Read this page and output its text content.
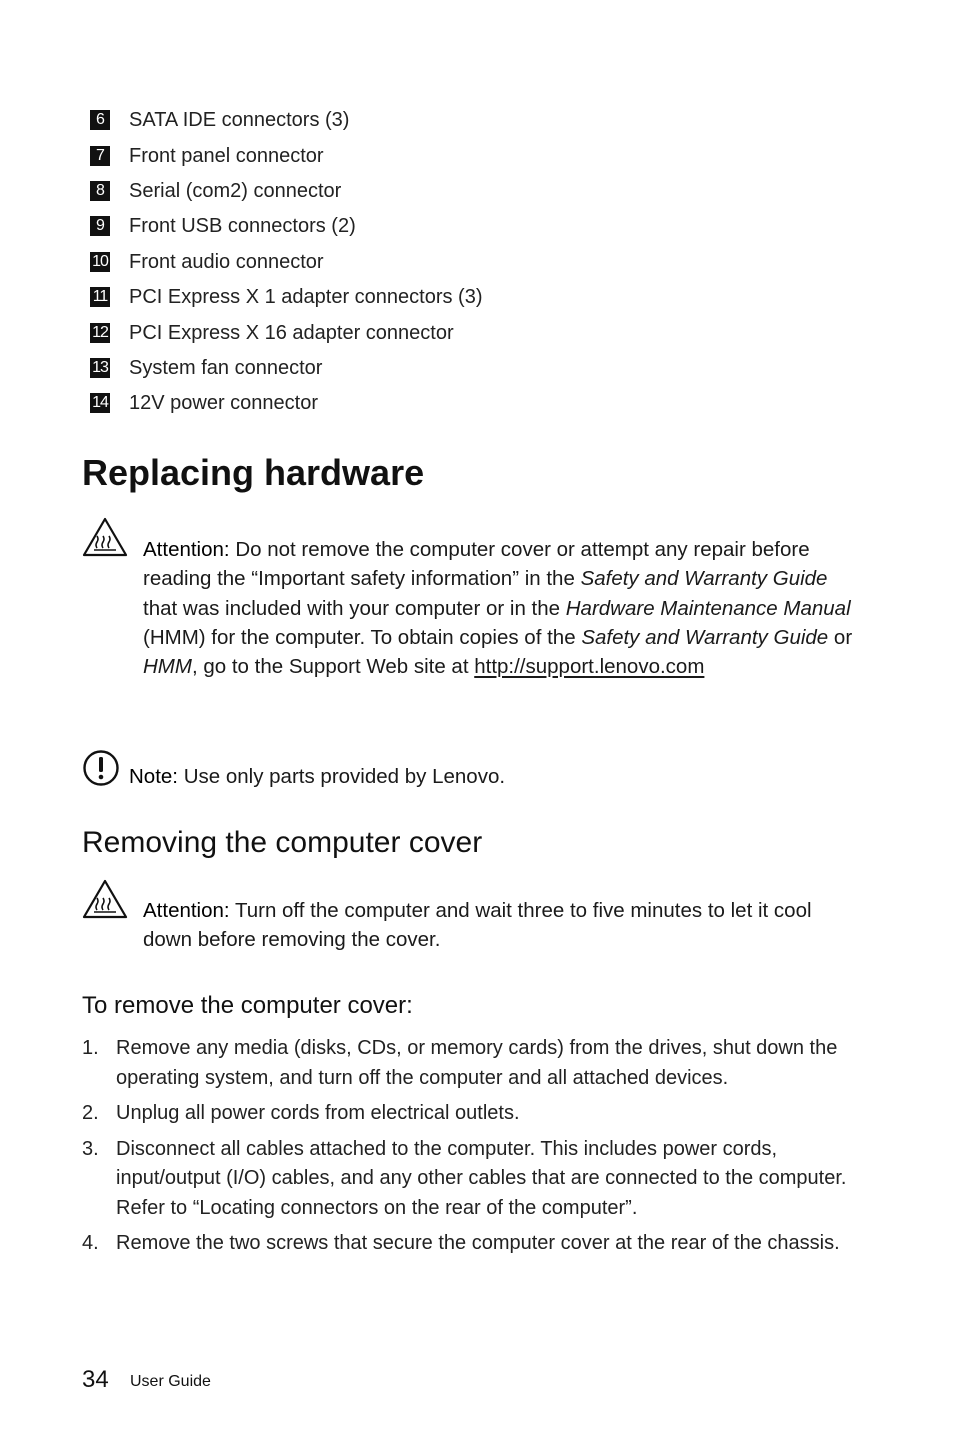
6	SATA IDE connectors (3)
7	Front panel connector
8	Serial (com2) connector
9	Front USB connectors (2)
10 Front audio connector
11 PCI Express X 1 adapter connectors (3)
12 PCI Express X 16 adapter connector
13 System fan connector
14 12V power connector
Replacing hardware
Attention: Do not remove the computer cover or attempt any repair before reading the “Important safety information” in the Safety and Warranty Guide that was included with your computer or in the Hardware Maintenance Manual (HMM) for the computer. To obtain copies of the Safety and Warranty Guide or HMM, go to the Support Web site at http://support.lenovo.com
Note: Use only parts provided by Lenovo.
Removing the computer cover
Attention: Turn off the computer and wait three to five minutes to let it cool down before removing the cover.
To remove the computer cover:
1. Remove any media (disks, CDs, or memory cards) from the drives, shut down the operating system, and turn off the computer and all attached devices.
2. Unplug all power cords from electrical outlets.
3. Disconnect all cables attached to the computer. This includes power cords, input/output (I/O) cables, and any other cables that are connected to the computer. Refer to “Locating connectors on the rear of the computer”.
4. Remove the two screws that secure the computer cover at the rear of the chassis.
34 User Guide
